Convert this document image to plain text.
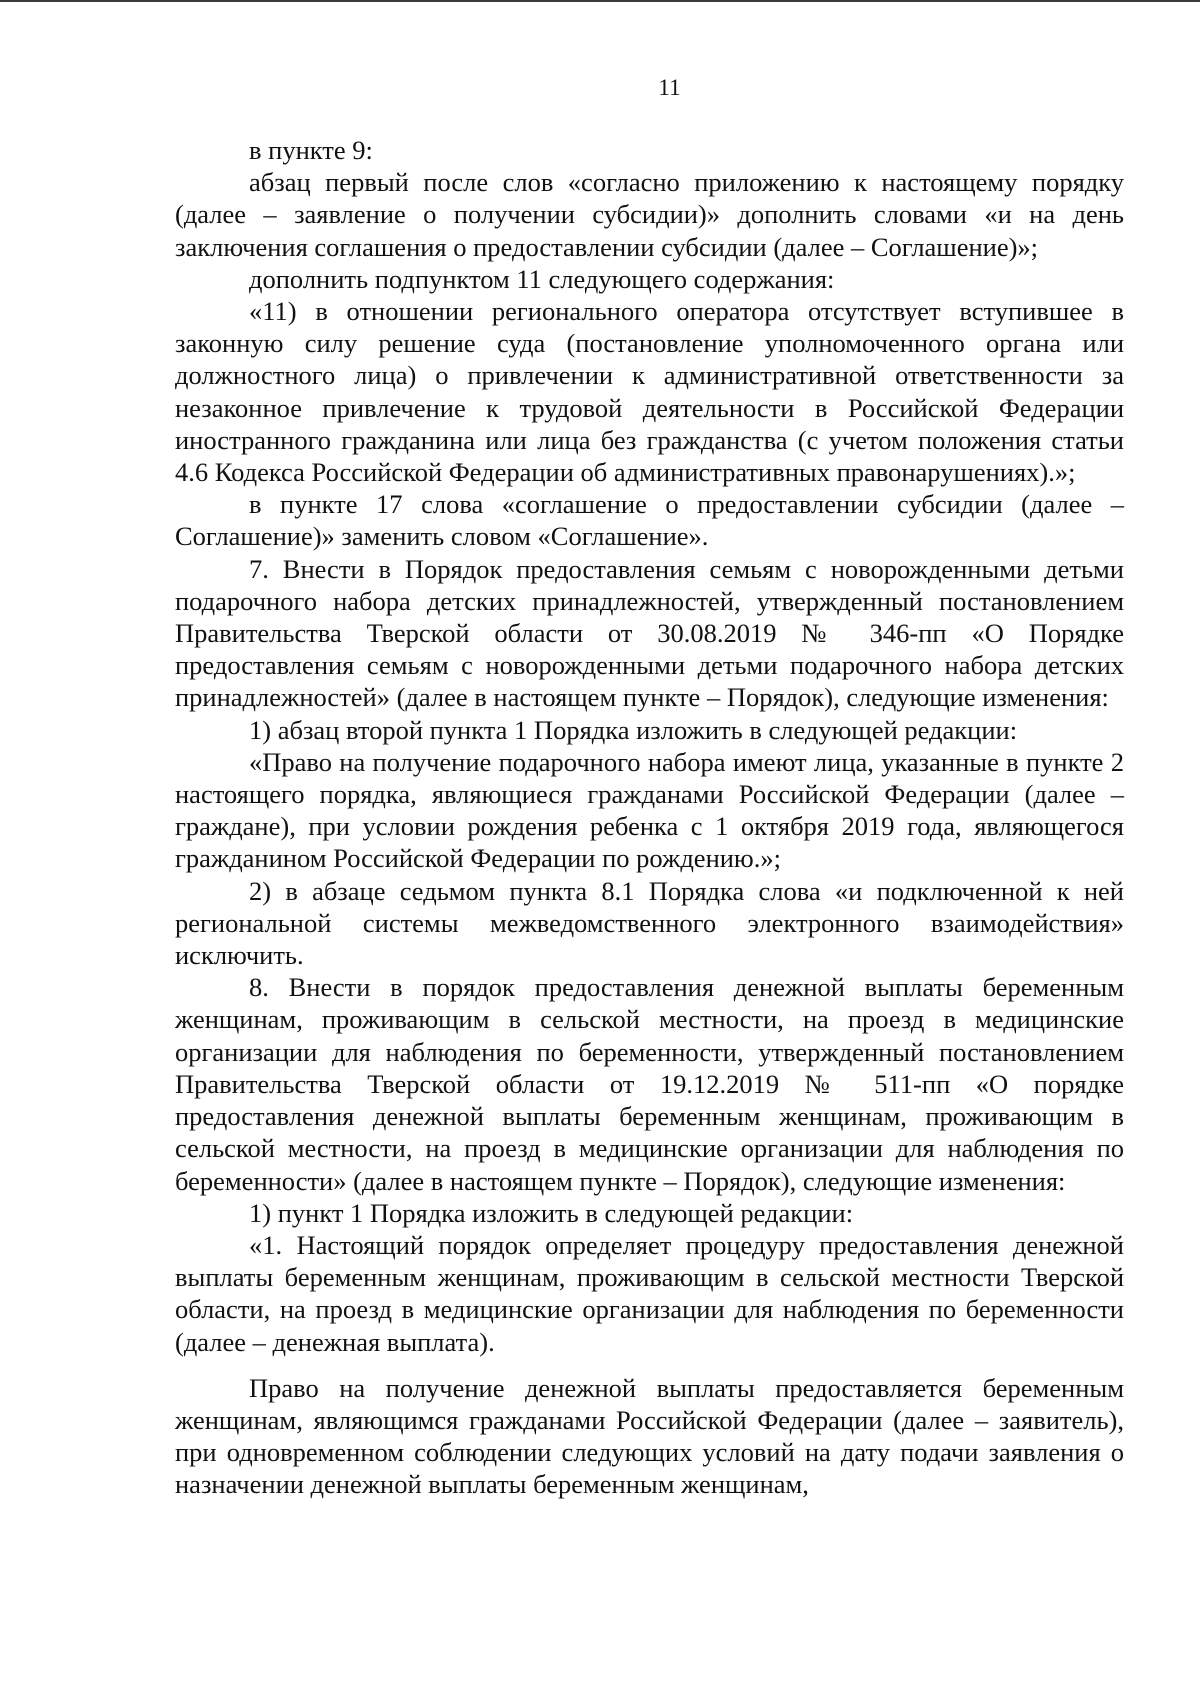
11

в пункте 9:

абзац первый после слов «согласно приложению к настоящему порядку (далее – заявление о получении субсидии)» дополнить словами «и на день заключения соглашения о предоставлении субсидии (далее – Соглашение)»;

дополнить подпунктом 11 следующего содержания:

«11) в отношении регионального оператора отсутствует вступившее в законную силу решение суда (постановление уполномоченного органа или должностного лица) о привлечении к административной ответственности за незаконное привлечение к трудовой деятельности в Российской Федерации иностранного гражданина или лица без гражданства (с учетом положения статьи 4.6 Кодекса Российской Федерации об административных правонарушениях).»;

в пункте 17 слова «соглашение о предоставлении субсидии (далее – Соглашение)» заменить словом «Соглашение».

7. Внести в Порядок предоставления семьям с новорожденными детьми подарочного набора детских принадлежностей, утвержденный постановлением Правительства Тверской области от 30.08.2019 № 346-пп «О Порядке предоставления семьям с новорожденными детьми подарочного набора детских принадлежностей» (далее в настоящем пункте – Порядок), следующие изменения:

1) абзац второй пункта 1 Порядка изложить в следующей редакции:

«Право на получение подарочного набора имеют лица, указанные в пункте 2 настоящего порядка, являющиеся гражданами Российской Федерации (далее – граждане), при условии рождения ребенка с 1 октября 2019 года, являющегося гражданином Российской Федерации по рождению.»;

2) в абзаце седьмом пункта 8.1 Порядка слова «и подключенной к ней региональной системы межведомственного электронного взаимодействия» исключить.

8. Внести в порядок предоставления денежной выплаты беременным женщинам, проживающим в сельской местности, на проезд в медицинские организации для наблюдения по беременности, утвержденный постановлением Правительства Тверской области от 19.12.2019 № 511-пп «О порядке предоставления денежной выплаты беременным женщинам, проживающим в сельской местности, на проезд в медицинские организации для наблюдения по беременности» (далее в настоящем пункте – Порядок), следующие изменения:

1) пункт 1 Порядка изложить в следующей редакции:

«1. Настоящий порядок определяет процедуру предоставления денежной выплаты беременным женщинам, проживающим в сельской местности Тверской области, на проезд в медицинские организации для наблюдения по беременности (далее – денежная выплата).

Право на получение денежной выплаты предоставляется беременным женщинам, являющимся гражданами Российской Федерации (далее – заявитель), при одновременном соблюдении следующих условий на дату подачи заявления о назначении денежной выплаты беременным женщинам,
